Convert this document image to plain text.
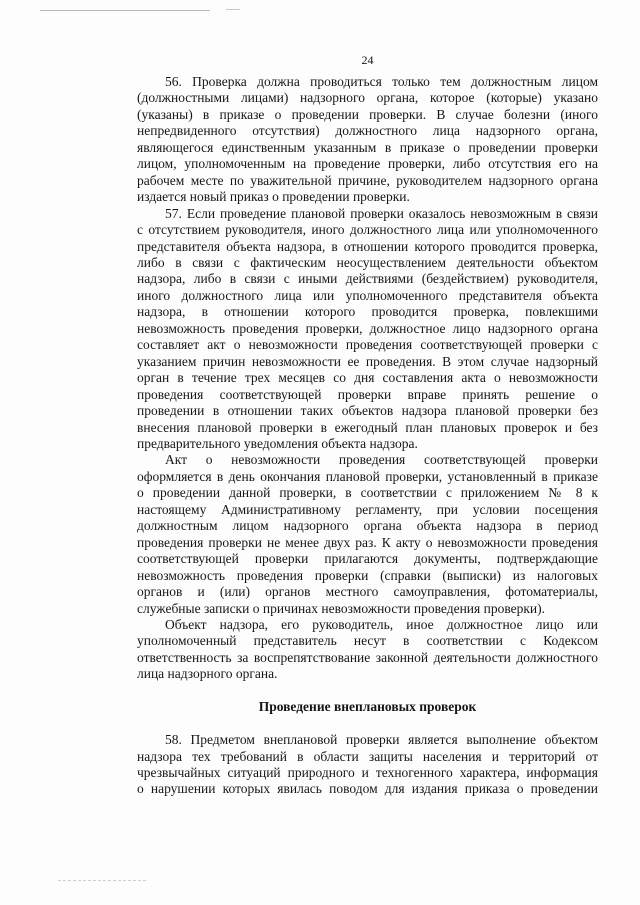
24
56. Проверка должна проводиться только тем должностным лицом
(должностными лицами) надзорного органа, которое (которые) указано
(указаны) в приказе о проведении проверки. В случае болезни (иного
непредвиденного отсутствия) должностного лица надзорного органа,
являющегося единственным указанным в приказе о проведении проверки
лицом, уполномоченным на проведение проверки, либо отсутствия его на
рабочем месте по уважительной причине, руководителем надзорного органа
издается новый приказ о проведении проверки.
57. Если проведение плановой проверки оказалось невозможным в связи
с отсутствием руководителя, иного должностного лица или уполномоченного
представителя объекта надзора, в отношении которого проводится проверка,
либо в связи с фактическим неосуществлением деятельности объектом
надзора, либо в связи с иными действиями (бездействием) руководителя,
иного должностного лица или уполномоченного представителя объекта
надзора, в отношении которого проводится проверка, повлекшими
невозможность проведения проверки, должностное лицо надзорного органа
составляет акт о невозможности проведения соответствующей проверки с
указанием причин невозможности ее проведения. В этом случае надзорный
орган в течение трех месяцев со дня составления акта о невозможности
проведения соответствующей проверки вправе принять решение о
проведении в отношении таких объектов надзора плановой проверки без
внесения плановой проверки в ежегодный план плановых проверок и без
предварительного уведомления объекта надзора.
Акт о невозможности проведения соответствующей проверки
оформляется в день окончания плановой проверки, установленный в приказе
о проведении данной проверки, в соответствии с приложением № 8 к
настоящему Административному регламенту, при условии посещения
должностным лицом надзорного органа объекта надзора в период
проведения проверки не менее двух раз. К акту о невозможности проведения
соответствующей проверки прилагаются документы, подтверждающие
невозможность проведения проверки (справки (выписки) из налоговых
органов и (или) органов местного самоуправления, фотоматериалы,
служебные записки о причинах невозможности проведения проверки).
Объект надзора, его руководитель, иное должностное лицо или
уполномоченный представитель несут в соответствии с Кодексом
ответственность за воспрепятствование законной деятельности должностного
лица надзорного органа.
Проведение внеплановых проверок
58. Предметом внеплановой проверки является выполнение объектом
надзора тех требований в области защиты населения и территорий от
чрезвычайных ситуаций природного и техногенного характера, информация
о нарушении которых явилась поводом для издания приказа о проведении
